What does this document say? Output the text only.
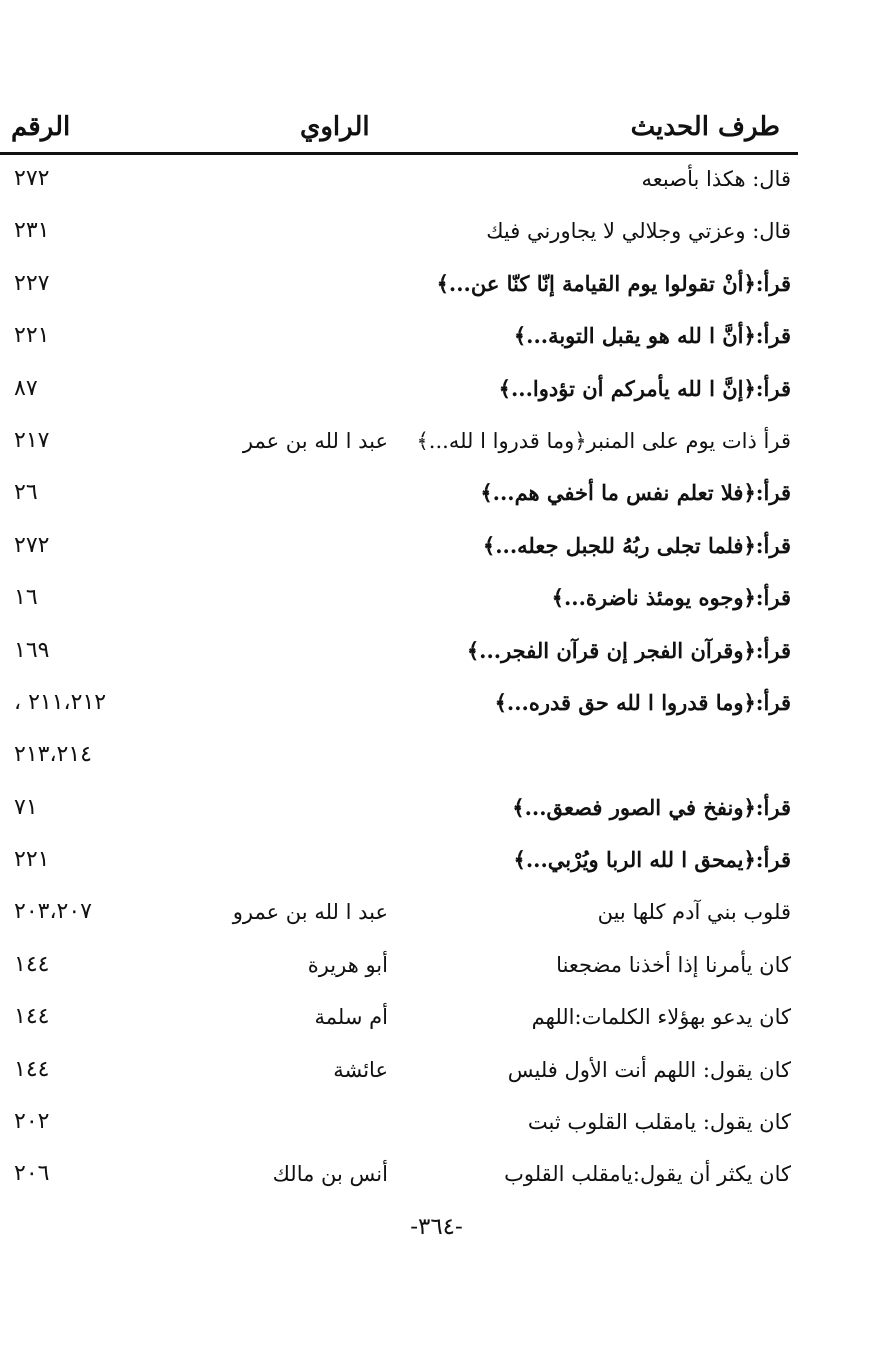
طرف الحديث
الراوي
الرقم
قال: هكذا بأصبعه
٢٧٢
قال: وعزتي وجلالي لا يجاورني فيك
٢٣١
قرأ:﴿أنْ تقولوا يوم القيامة إنّا كنّا عن...﴾
٢٢٧
قرأ:﴿أنَّ ا لله هو يقبل التوبة...﴾
٢٢١
قرأ:﴿إنَّ ا لله يأمركم أن تؤدوا...﴾
٨٧
قرأ ذات يوم على المنبر﴿وما قدروا ا لله...﴾
عبد ا لله بن عمر
٢١٧
قرأ:﴿فلا تعلم نفس ما أخفي هم...﴾
٢٦
قرأ:﴿فلما تجلى ربُهُ للجبل جعله...﴾
٢٧٢
قرأ:﴿وجوه يومئذ ناضرة...﴾
١٦
قرأ:﴿وقرآن الفجر إن قرآن الفجر...﴾
١٦٩
قرأ:﴿وما قدروا ا لله حق قدره...﴾
٢١١،٢١٢ ،
٢١٣،٢١٤
قرأ:﴿ونفخ في الصور فصعق...﴾
٧١
قرأ:﴿يمحق ا لله الربا ويُرْبي...﴾
٢٢١
قلوب بني آدم كلها بين
عبد ا لله بن عمرو
٢٠٣،٢٠٧
كان يأمرنا إذا أخذنا مضجعنا
أبو هريرة
١٤٤
كان يدعو بهؤلاء الكلمات:اللهم
أم سلمة
١٤٤
كان يقول: اللهم أنت الأول فليس
عائشة
١٤٤
كان يقول: يامقلب القلوب ثبت
٢٠٢
كان يكثر أن يقول:يامقلب القلوب
أنس بن مالك
٢٠٦
-٣٦٤-
